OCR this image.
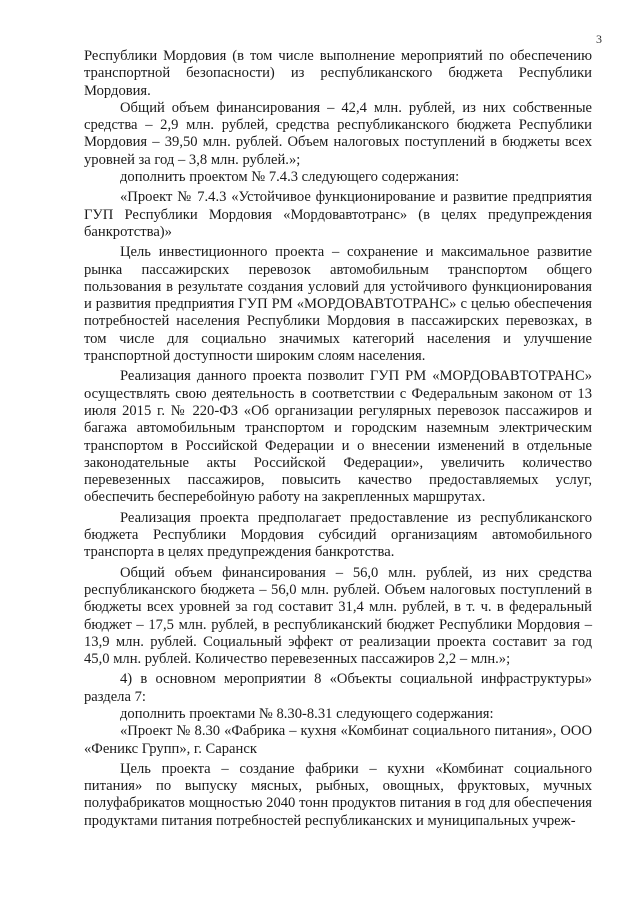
3

Республики Мордовия (в том числе выполнение мероприятий по обеспечению транспортной безопасности) из республиканского бюджета Республики Мордовия.

Общий объем финансирования – 42,4 млн. рублей, из них собственные средства – 2,9 млн. рублей, средства республиканского бюджета Республики Мордовия – 39,50 млн. рублей. Объем налоговых поступлений в бюджеты всех уровней за год – 3,8 млн. рублей.»;

дополнить проектом № 7.4.3 следующего содержания:

«Проект № 7.4.3 «Устойчивое функционирование и развитие предприятия ГУП Республики Мордовия «Мордовавтотранс» (в целях предупреждения банкротства)»

Цель инвестиционного проекта – сохранение и максимальное развитие рынка пассажирских перевозок автомобильным транспортом общего пользования в результате создания условий для устойчивого функционирования и развития предприятия ГУП РМ «МОРДОВАВТОТРАНС» с целью обеспечения потребностей населения Республики Мордовия в пассажирских перевозках, в том числе для социально значимых категорий населения и улучшение транспортной доступности широким слоям населения.

Реализация данного проекта позволит ГУП РМ «МОРДОВАВТОТРАНС» осуществлять свою деятельность в соответствии с Федеральным законом от 13 июля 2015 г. № 220-ФЗ «Об организации регулярных перевозок пассажиров и багажа автомобильным транспортом и городским наземным электрическим транспортом в Российской Федерации и о внесении изменений в отдельные законодательные акты Российской Федерации», увеличить количество перевезенных пассажиров, повысить качество предоставляемых услуг, обеспечить бесперебойную работу на закрепленных маршрутах.

Реализация проекта предполагает предоставление из республиканского бюджета Республики Мордовия субсидий организациям автомобильного транспорта в целях предупреждения банкротства.

Общий объем финансирования – 56,0 млн. рублей, из них средства республиканского бюджета – 56,0 млн. рублей. Объем налоговых поступлений в бюджеты всех уровней за год составит 31,4 млн. рублей, в т. ч. в федеральный бюджет – 17,5 млн. рублей, в республиканский бюджет Республики Мордовия – 13,9 млн. рублей. Социальный эффект от реализации проекта составит за год 45,0 млн. рублей. Количество перевезенных пассажиров 2,2 – млн.»;

4) в основном мероприятии 8 «Объекты социальной инфраструктуры» раздела 7:

дополнить проектами № 8.30-8.31 следующего содержания:

«Проект № 8.30 «Фабрика – кухня «Комбинат социального питания», ООО «Феникс Групп», г. Саранск

Цель проекта – создание фабрики – кухни «Комбинат социального питания» по выпуску мясных, рыбных, овощных, фруктовых, мучных полуфабрикатов мощностью 2040 тонн продуктов питания в год для обеспечения продуктами питания потребностей республиканских и муниципальных учреж-
